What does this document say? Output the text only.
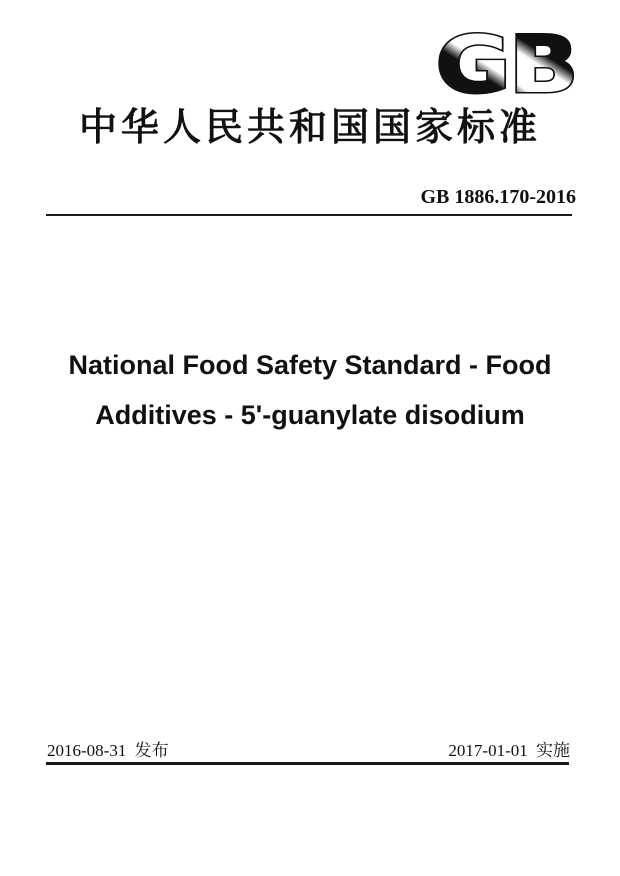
GB
中华人民共和国国家标准
GB 1886.170-2016
National Food Safety Standard - Food
Additives - 5'-guanylate disodium
2016-08-31 发布	2017-01-01 实施
